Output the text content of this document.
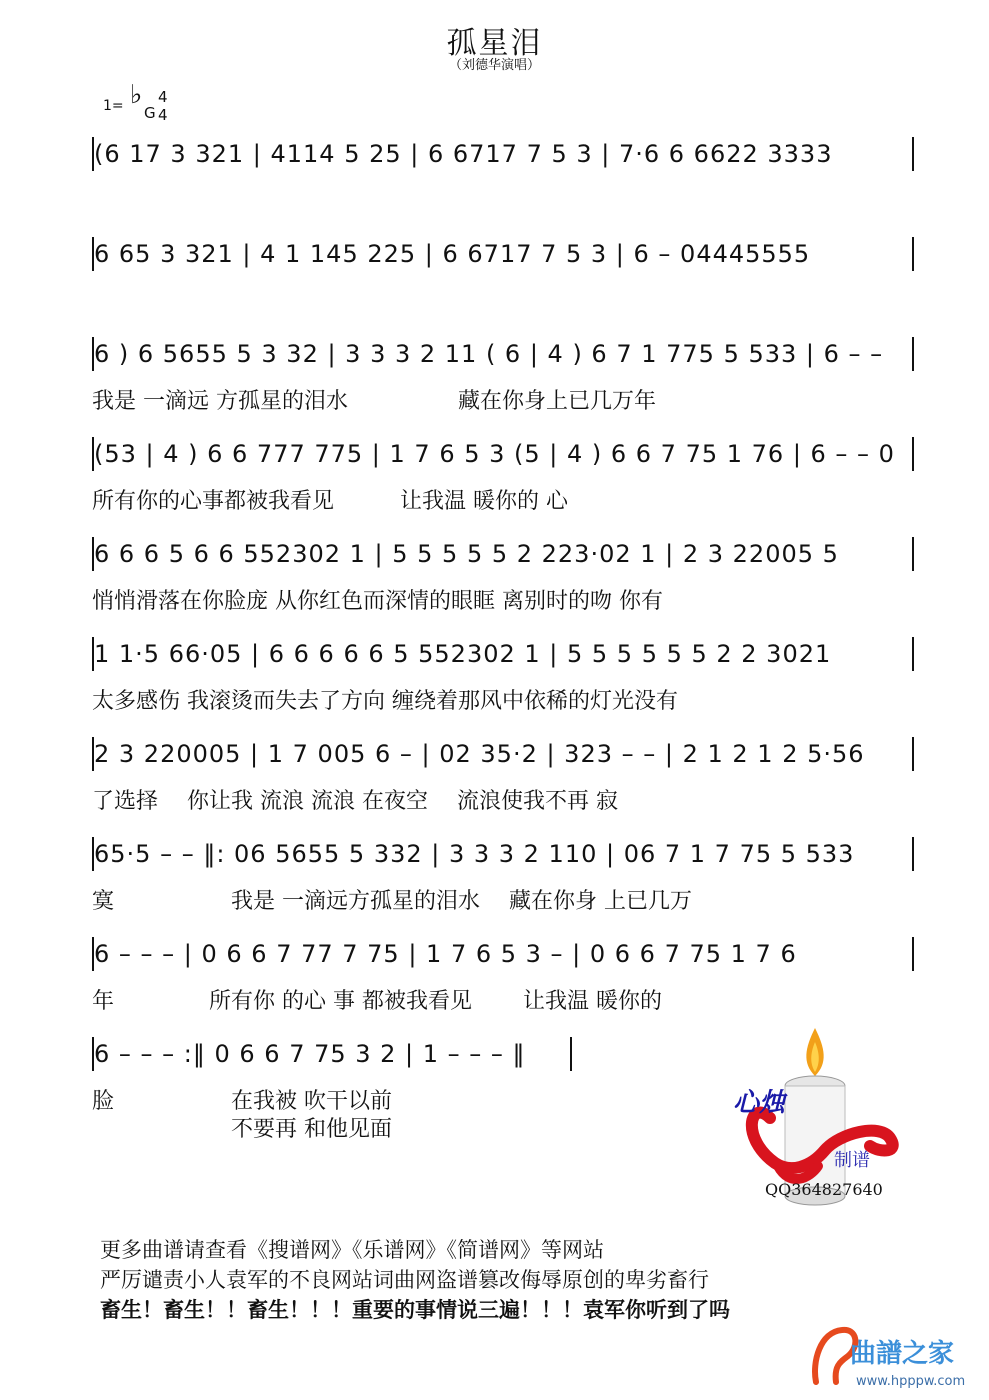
孤星泪
（刘德华演唱）
1= ♭
G
4
4
(6 17 3 321 | 4114 5 25 | 6 6717 7 5 3 | 7·6 6 6622 3333
6 65 3 321 | 4 1 145 225 | 6 6717 7 5 3 | 6 – 04445555
6 ) 6 5655 5 3 32 | 3 3 3 2 11 ( 6 | 4 ) 6 7 1 775 5 533 | 6 – –
我是 一滴远 方孤星的泪水　　　　　藏在你身上已几万年
(53 | 4 ) 6 6 777 775 | 1 7 6 5 3 (5 | 4 ) 6 6 7 75 1 76 | 6 – – 0
所有你的心事都被我看见　　　让我温 暖你的 心
6 6 6 5 6 6 552302 1 | 5 5 5 5 5 2 223·02 1 | 2 3 22005 5
悄悄滑落在你脸庞 从你红色而深情的眼眶 离别时的吻 你有
1 1·5 66·05 | 6 6 6 6 6 5 552302 1 | 5 5 5 5 5 5 2 2 3021
太多感伤 我滚烫而失去了方向 缠绕着那风中依稀的灯光没有
2 3 220005 | 1 7 005 6 – | 02 35·2 | 323 – – | 2 1 2 1 2 5·56
了选择　 你让我 流浪 流浪 在夜空　 流浪使我不再 寂
65·5 – – ‖: 06 5655 5 332 | 3 3 3 2 110 | 06 7 1 7 75 5 533
寞　　　　　 我是 一滴远方孤星的泪水　 藏在你身 上已几万
6 – – – | 0 6 6 7 77 7 75 | 1 7 6 5 3 – | 0 6 6 7 75 1 7 6
年　　　　 所有你 的心 事 都被我看见　　 让我温 暖你的
6 – – – :‖ 0 6 6 7 75 3 2 | 1 – – – ‖
脸　　　　　 在我被 吹干以前
　　　　　　 不要再 和他见面
心烛
制谱
QQ364827640
更多曲谱请查看《搜谱网》《乐谱网》《简谱网》等网站
严厉谴责小人袁军的不良网站词曲网盗谱篡改侮辱原创的卑劣畜行
畜生！畜生！！畜生！！！重要的事情说三遍！！！袁军你听到了吗
曲譜之家
www.hpppw.com
